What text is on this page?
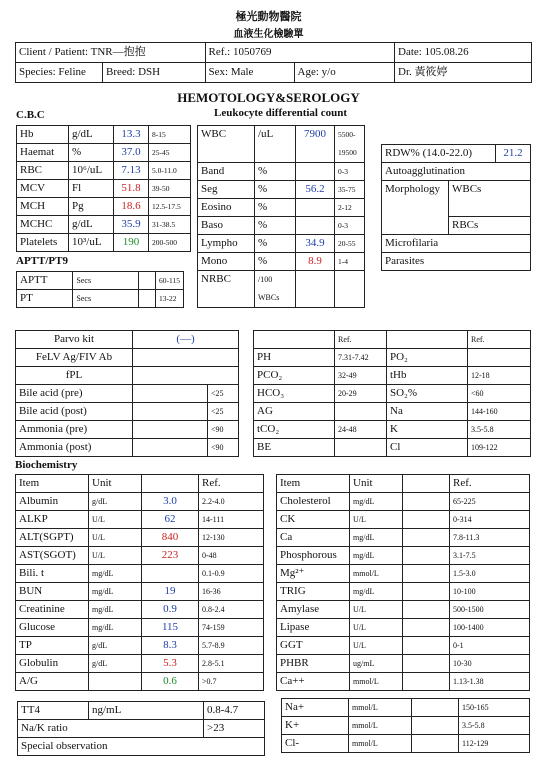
極光動物醫院
血液生化檢驗單
Client / Patient: TNR—抱抱		Ref.: 1050769		Date: 105.08.26
Species: Feline	Breed: DSH	Sex: Male	Age: y/o	Dr. 黃筱婷
HEMOTOLOGY&SEROLOGY
C.B.C	Leukocyte differential count
Hb	g/dL	13.3	8-15
Haemat	%	37.0	25-45
RBC	10⁶/uL	7.13	5.0-11.0
MCV	Fl	51.8	39-50
MCH	Pg	18.6	12.5-17.5
MCHC	g/dL	35.9	31-38.5
Platelets	10³/uL	190	200-500
WBC	/uL	7900	5500-
19500

Band	%		0-3
Seg	%	56.2	35-75
Eosino	%		2-12
Baso	%		0-3
Lympho	%	34.9	20-55
Mono	%	8.9	1-4
NRBC	/100
WBCs		

RDW% (14.0-22.0)		21.2
Autoagglutination		
Morphology	WBCs	
	RBCs	
Microfilaria		
Parasites		
APTT/PT9
APTT	Secs		60-115
PT	Secs		13-22
Parvo kit	(—)	
FeLV Ag/FIV Ab		
fPL		
Bile acid (pre)		<25
Bile acid (post)		<25
Ammonia (pre)		<90
Ammonia (post)		<90
	Ref.		Ref.
PH	7.31-7.42	PO₂	
PCO₂	32-49	tHb	12-18
HCO₃	20-29	SO₂%	<60
AG		Na	144-160
tCO₂	24-48	K	3.5-5.8
BE		Cl	109-122
Biochemistry
Item	Unit		Ref.
Albumin	g/dL	3.0	2.2-4.0
ALKP	U/L	62	14-111
ALT(SGPT)	U/L	840	12-130
AST(SGOT)	U/L	223	0-48
Bili. t	mg/dL		0.1-0.9
BUN	mg/dL	19	16-36
Creatinine	mg/dL	0.9	0.8-2.4
Glucose	mg/dL	115	74-159
TP	g/dL	8.3	5.7-8.9
Globulin	g/dL	5.3	2.8-5.1
A/G		0.6	>0.7
Item	Unit		Ref.
Cholesterol	mg/dL		65-225
CK	U/L		0-314
Ca	mg/dL		7.8-11.3
Phosphorous	mg/dL		3.1-7.5
Mg²⁺	mmol/L		1.5-3.0
TRIG	mg/dL		10-100
Amylase	U/L		500-1500
Lipase	U/L		100-1400
GGT	U/L		0-1
PHBR	ug/mL		10-30
Ca++	mmol/L		1.13-1.38
TT4	ng/mL	0.8-4.7
Na/K ratio		>23
Special observation		
Na+	mmol/L		150-165
K+	mmol/L		3.5-5.8
Cl-	mmol/L		112-129
